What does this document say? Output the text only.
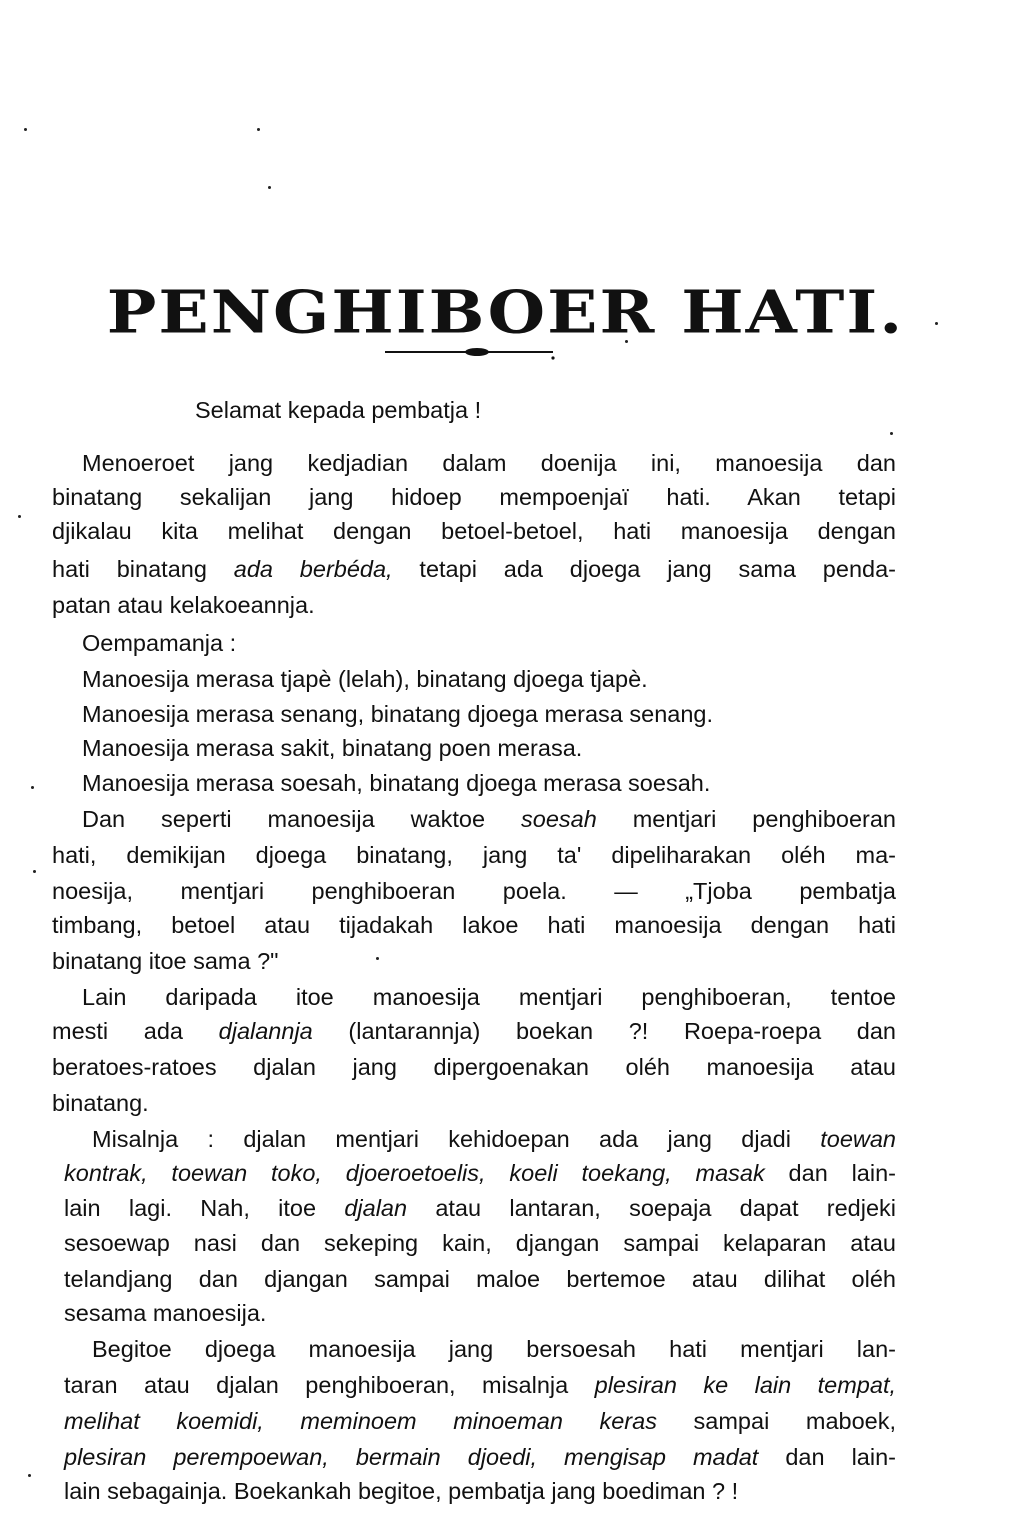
PENGHIBOER HATI.
Selamat kepada pembatja !
Menoeroet jang kedjadian dalam doenija ini, manoesija dan
binatang sekalijan jang hidoep mempoenjaï hati. Akan tetapi
djikalau kita melihat dengan betoel-betoel, hati manoesija dengan
hati binatang ada berbéda, tetapi ada djoega jang sama penda-
patan atau kelakoeannja.
Oempamanja :
Manoesija merasa tjapè (lelah), binatang djoega tjapè.
Manoesija merasa senang, binatang djoega merasa senang.
Manoesija merasa sakit, binatang poen merasa.
Manoesija merasa soesah, binatang djoega merasa soesah.
Dan seperti manoesija waktoe soesah mentjari penghiboeran
hati, demikijan djoega binatang, jang ta' dipeliharakan oléh ma-
noesija, mentjari penghiboeran poela. — „Tjoba pembatja
timbang, betoel atau tijadakah lakoe hati manoesija dengan hati
binatang itoe sama ?"
Lain daripada itoe manoesija mentjari penghiboeran, tentoe
mesti ada djalannja (lantarannja) boekan ?! Roepa-roepa dan
beratoes-ratoes djalan jang dipergoenakan oléh manoesija atau
binatang.
Misalnja : djalan mentjari kehidoepan ada jang djadi toewan
kontrak, toewan toko, djoeroetoelis, koeli toekang, masak dan lain-
lain lagi. Nah, itoe djalan atau lantaran, soepaja dapat redjeki
sesoewap nasi dan sekeping kain, djangan sampai kelaparan atau
telandjang dan djangan sampai maloe bertemoe atau dilihat oléh
sesama manoesija.
Begitoe djoega manoesija jang bersoesah hati mentjari lan-
taran atau djalan penghiboeran, misalnja plesiran ke lain tempat,
melihat koemidi, meminoem minoeman keras sampai maboek,
plesiran perempoewan, bermain djoedi, mengisap madat dan lain-
lain sebagainja. Boekankah begitoe, pembatja jang boediman ? !
